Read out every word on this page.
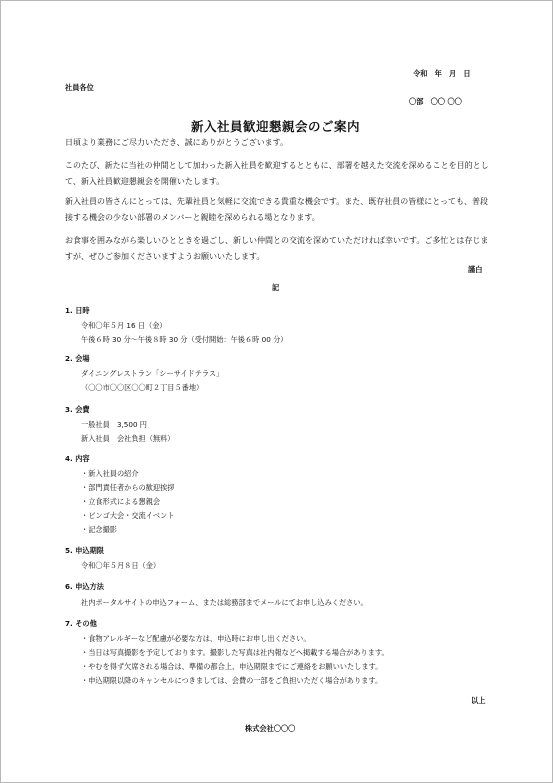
令和　年　月　日
社員各位
〇部　〇〇 〇〇
新入社員歓迎懇親会のご案内
日頃より業務にご尽力いただき、誠にありがとうございます。
このたび、新たに当社の仲間として加わった新入社員を歓迎するとともに、部署を越えた交流を深めることを目的として、新入社員歓迎懇親会を開催いたします。
新入社員の皆さんにとっては、先輩社員と気軽に交流できる貴重な機会です。また、既存社員の皆様にとっても、普段接する機会の少ない部署のメンバーと親睦を深められる場となります。
お食事を囲みながら楽しいひとときを過ごし、新しい仲間との交流を深めていただければ幸いです。ご多忙とは存じますが、ぜひご参加くださいますようお願いいたします。
謹白
記
1. 日時
令和〇年５月 16 日（金）
午後６時 30 分～午後８時 30 分（受付開始：午後６時 00 分）
2. 会場
ダイニングレストラン「シーサイドテラス」
（〇〇市〇〇区〇〇町２丁目５番地）
3. 会費
一般社員　3,500 円
新入社員　会社負担（無料）
4. 内容
・新入社員の紹介
・部門責任者からの歓迎挨拶
・立食形式による懇親会
・ビンゴ大会・交流イベント
・記念撮影
5. 申込期限
令和〇年５月８日（金）
6. 申込方法
社内ポータルサイトの申込フォーム、または総務部までメールにてお申し込みください。
7. その他
・食物アレルギーなど配慮が必要な方は、申込時にお申し出ください。
・当日は写真撮影を予定しております。撮影した写真は社内報などへ掲載する場合があります。
・やむを得ず欠席される場合は、準備の都合上、申込期限までにご連絡をお願いいたします。
・申込期限以降のキャンセルにつきましては、会費の一部をご負担いただく場合があります。
以上
株式会社〇〇〇
